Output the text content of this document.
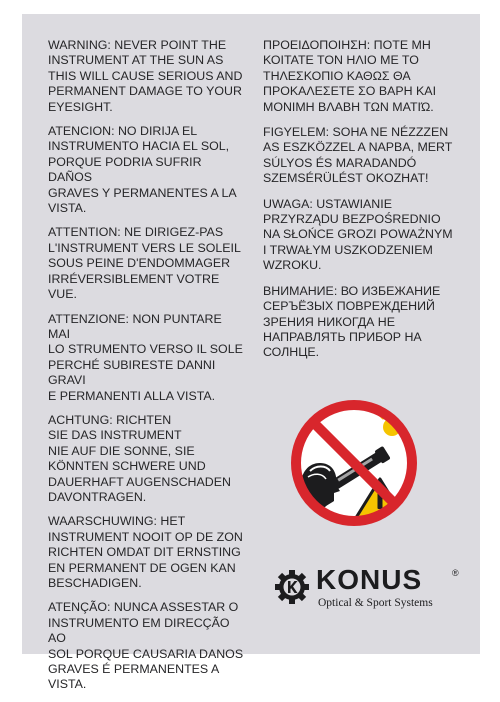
WARNING: NEVER POINT THE
INSTRUMENT AT THE SUN AS
THIS WILL CAUSE SERIOUS AND
PERMANENT DAMAGE TO YOUR
EYESIGHT.

ATENCION: NO DIRIJA EL
INSTRUMENTO HACIA EL SOL,
PORQUE PODRIA SUFRIR DAÑOS
GRAVES Y PERMANENTES A LA
VISTA.

ATTENTION: NE DIRIGEZ-PAS
L'INSTRUMENT VERS LE SOLEIL
SOUS PEINE D'ENDOMMAGER
IRRÉVERSIBLEMENT VOTRE VUE.

ATTENZIONE: NON PUNTARE MAI
LO STRUMENTO VERSO IL SOLE
PERCHÉ SUBIRESTE DANNI GRAVI
E PERMANENTI ALLA VISTA.

ACHTUNG: RICHTEN
SIE DAS INSTRUMENT
NIE AUF DIE SONNE, SIE
KÖNNTEN SCHWERE UND
DAUERHAFT AUGENSCHADEN
DAVONTRAGEN.

WAARSCHUWING: HET
INSTRUMENT NOOIT OP DE ZON
RICHTEN OMDAT DIT ERNSTING
EN PERMANENT DE OGEN KAN
BESCHADIGEN.

ATENÇÃO: NUNCA ASSESTAR O
INSTRUMENTO EM DIRECÇÃO AO
SOL PORQUE CAUSARIA DANOS
GRAVES É PERMANENTES A VISTA.

ΠΡΟΕΙΔΟΠΟΙΗΣΗ: ΠΟΤΕ ΜΗ
ΚΟΙΤΑΤΕ ΤΟΝ ΗΛΙΟ ΜΕ ΤΟ
ΤΗΛΕΣΚΟΠΙΟ ΚΑΘΩΣ ΘΑ
ΠΡΟΚΑΛΕΣΕΤΕ ΣΟ ΒΑΡΗ ΚΑΙ
ΜΟΝΙΜΗ ΒΛΑΒΗ ΤΩΝ ΜΑΤΙΏ.

FIGYELEM: SOHA NE NÉZZZEN
AS ESZKÖZZEL A NAPBA, MERT
SÚLYOS ÉS MARADANDÓ
SZEMSÉRÜLÉST OKOZHAT!

UWAGA: USTAWIANIE
PRZYRZĄDU BEZPOŚREDNIO
NA SŁOŃCE GROZI POWAŻNYM
I TRWAŁYM USZKODZENIEM
WZROKU.

ВНИМАНИЕ: ВО ИЗБЕЖАНИЕ
СЕРЪЁЗЫХ ПОВРЕЖДЕНИЙ
ЗРЕНИЯ НИКОГДА НЕ
НАПРАВЛЯТЬ ПРИБОР НА
СОЛНЦЕ.

KONUS	®
Optical & Sport Systems
